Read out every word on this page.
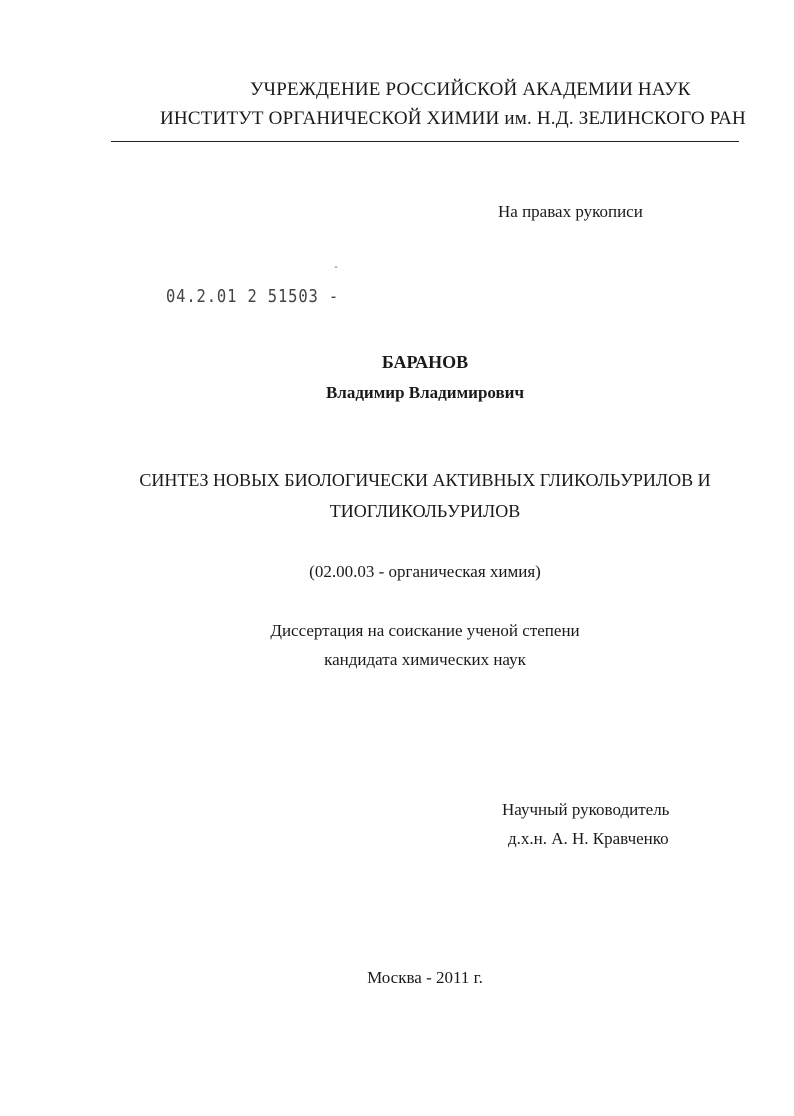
УЧРЕЖДЕНИЕ РОССИЙСКОЙ АКАДЕМИИ НАУК

ИНСТИТУТ ОРГАНИЧЕСКОЙ ХИМИИ им. Н.Д. ЗЕЛИНСКОГО РАН

На правах рукописи

-

04.2.01 2 51503 -

БАРАНОВ

Владимир Владимирович

СИНТЕЗ НОВЫХ БИОЛОГИЧЕСКИ АКТИВНЫХ ГЛИКОЛЬУРИЛОВ И

ТИОГЛИКОЛЬУРИЛОВ

(02.00.03 - органическая химия)

Диссертация на соискание ученой степени

кандидата химических наук

Научный руководитель

д.х.н. А. Н. Кравченко

Москва - 2011 г.
